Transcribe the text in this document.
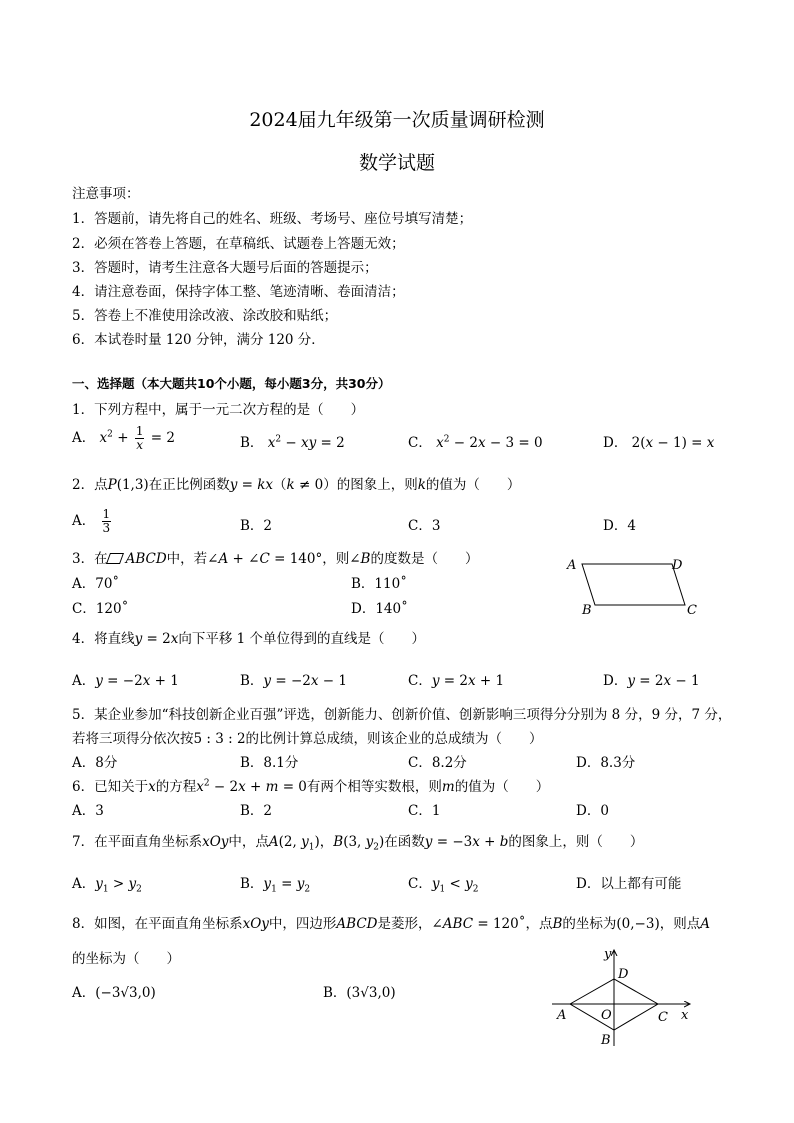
2024届九年级第一次质量调研检测
数学试题
注意事项：
1．答题前，请先将自己的姓名、班级、考场号、座位号填写清楚；
2．必须在答卷上答题，在草稿纸、试题卷上答题无效；
3．答题时，请考生注意各大题号后面的答题提示；
4．请注意卷面，保持字体工整、笔迹清晰、卷面清洁；
5．答卷上不准使用涂改液、涂改胶和贴纸；
6．本试卷时量 120 分钟，满分 120 分．
一、选择题（本大题共10个小题，每小题3分，共30分）
1．下列方程中，属于一元二次方程的是（　　）
A． $x^2 + \frac{1}{x} = 2$	B． $x^2$ − xy = 2	C． $x^2 - 2x - 3 = 0$	D． 2(x − 1) = x
2．点P(1,3)在正比例函数y = kx（k ≠ 0）的图象上，则k的值为（　　）
A． $\frac{1}{3}$	B．2	C．3	D．4
3．在 ABCD中，若∠A + ∠C = 140°，则∠B的度数是（　　）
A．70˚	B．110˚
C．120˚	D．140˚
A	D
B	C
4．将直线y = 2x向下平移 1 个单位得到的直线是（　　）
A．y = −2x + 1	B．y = −2x − 1	C．y = 2x + 1	D．y = 2x − 1
5．某企业参加“科技创新企业百强”评选，创新能力、创新价值、创新影响三项得分分别为 8 分，9 分，7 分，
若将三项得分依次按5 : 3 : 2的比例计算总成绩，则该企业的总成绩为（　　）
A．8分	B．8.1分	C．8.2分	D．8.3分
6．已知关于x的方程$x^2 - 2x + m = 0$有两个相等实数根，则m的值为（　　）
A．3	B．2	C．1	D．0
7．在平面直角坐标系xOy中，点A(2, $y_1$)，B(3, $y_2$)在函数y = −3x + b的图象上，则（　　）
A．$y_1 > y_2$	B．$y_1 = y_2$	C．$y_1 < y_2$	D．以上都有可能
8．如图，在平面直角坐标系xOy中，四边形ABCD是菱形，∠ABC = 120˚，点B的坐标为(0,−3)，则点A
的坐标为（　　）
A．(−3√3,0)	B．(3√3,0)
y
x
D
A	C
O
B
